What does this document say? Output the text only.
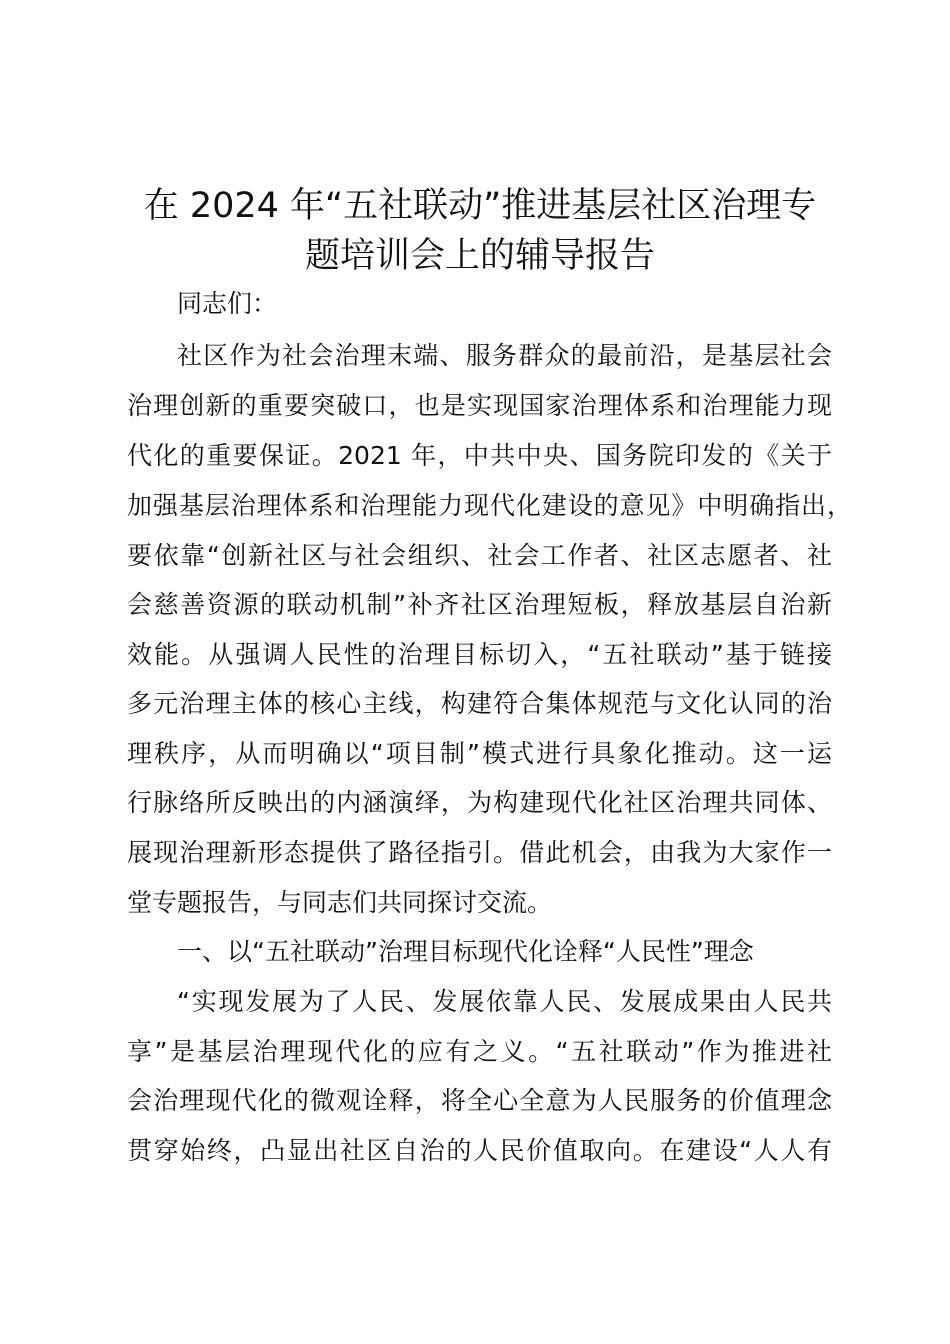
在 2024 年“五社联动”推进基层社区治理专
题培训会上的辅导报告
同志们：
社区作为社会治理末端、服务群众的最前沿，是基层社会
治理创新的重要突破口，也是实现国家治理体系和治理能力现
代化的重要保证。2021 年，中共中央、国务院印发的《关于
加强基层治理体系和治理能力现代化建设的意见》中明确指出，
要依靠“创新社区与社会组织、社会工作者、社区志愿者、社
会慈善资源的联动机制”补齐社区治理短板，释放基层自治新
效能。从强调人民性的治理目标切入，“五社联动”基于链接
多元治理主体的核心主线，构建符合集体规范与文化认同的治
理秩序，从而明确以“项目制”模式进行具象化推动。这一运
行脉络所反映出的内涵演绎，为构建现代化社区治理共同体、
展现治理新形态提供了路径指引。借此机会，由我为大家作一
堂专题报告，与同志们共同探讨交流。
一、以“五社联动”治理目标现代化诠释“人民性”理念
“实现发展为了人民、发展依靠人民、发展成果由人民共
享”是基层治理现代化的应有之义。“五社联动”作为推进社
会治理现代化的微观诠释，将全心全意为人民服务的价值理念
贯穿始终，凸显出社区自治的人民价值取向。在建设“人人有
